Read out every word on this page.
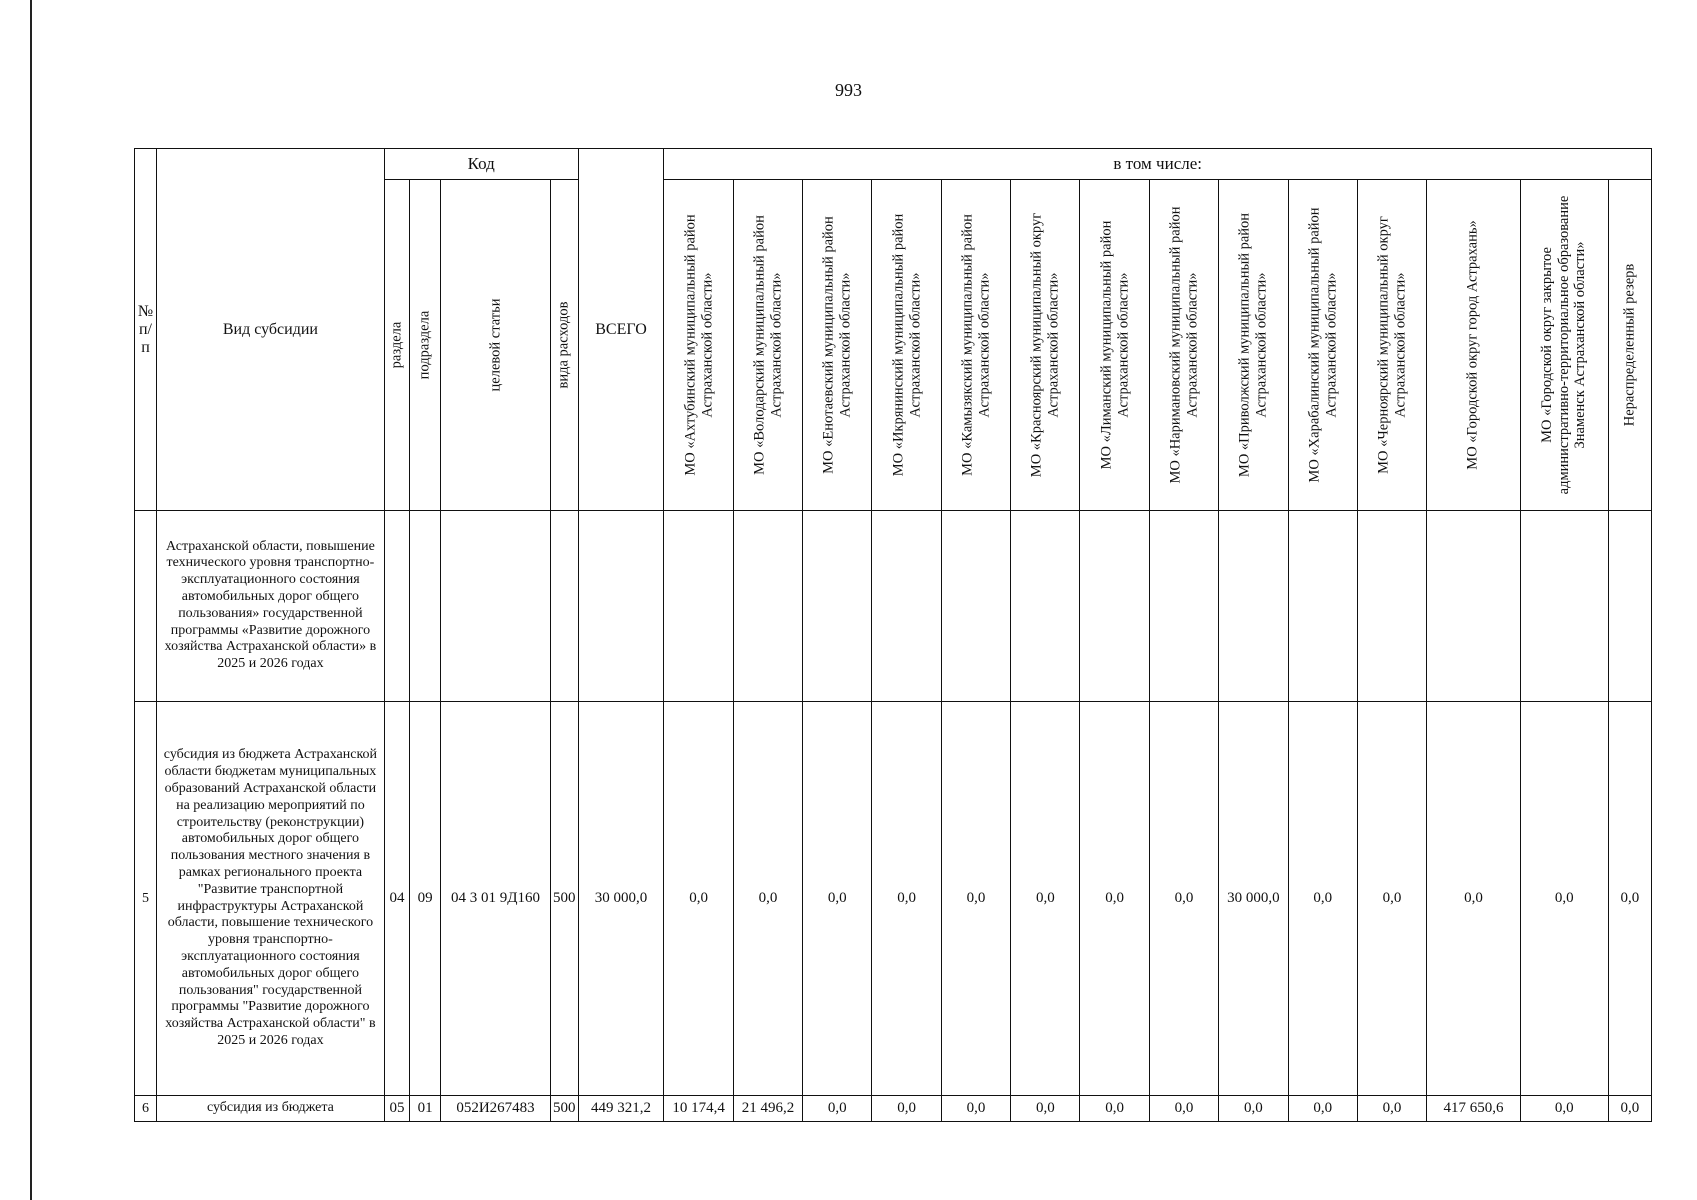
993
№ п/п	Вид субсидии	Код				ВСЕГО	в том числе:													

		раздела	подраздела	целевой статьи	вида расходов		МО «Ахтубинский муниципальный район Астраханской области»	МО «Володарский муниципальный район Астраханской области»	МО «Енотаевский муниципальный район Астраханской области»	МО «Икрянинский муниципальный район Астраханской области»	МО «Камызякский муниципальный район Астраханской области»	МО «Красноярский муниципальный округ Астраханской области»	МО «Лиманский муниципальный район Астраханской области»	МО «Наримановский муниципальный район Астраханской области»	МО «Приволжский муниципальный район Астраханской области»	МО «Харабалинский муниципальный район Астраханской области»	МО «Черноярский муниципальный округ Астраханской области»	МО «Городской округ город Астрахань»	МО «Городской округ закрытое административно-территориальное образование Знаменск Астраханской области»	Нераспределенный резерв

	Астраханской области, повышение технического уровня транспортно-эксплуатационного состояния автомобильных дорог общего пользования» государственной программы «Развитие дорожного хозяйства Астраханской области» в 2025 и 2026 годах																			
5	субсидия из бюджета Астраханской области бюджетам муниципальных образований Астраханской области на реализацию мероприятий по строительству (реконструкции) автомобильных дорог общего пользования местного значения в рамках регионального проекта "Развитие транспортной инфраструктуры Астраханской области, повышение технического уровня транспортно-эксплуатационного состояния автомобильных дорог общего пользования" государственной программы "Развитие дорожного хозяйства Астраханской области" в 2025 и 2026 годах	04	09	04 3 01 9Д160	500	30 000,0	0,0	0,0	0,0	0,0	0,0	0,0	0,0	0,0	30 000,0	0,0	0,0	0,0	0,0	0,0
6	субсидия из бюджета	05	01	052И267483	500	449 321,2	10 174,4	21 496,2	0,0	0,0	0,0	0,0	0,0	0,0	0,0	0,0	0,0	417 650,6	0,0	0,0
